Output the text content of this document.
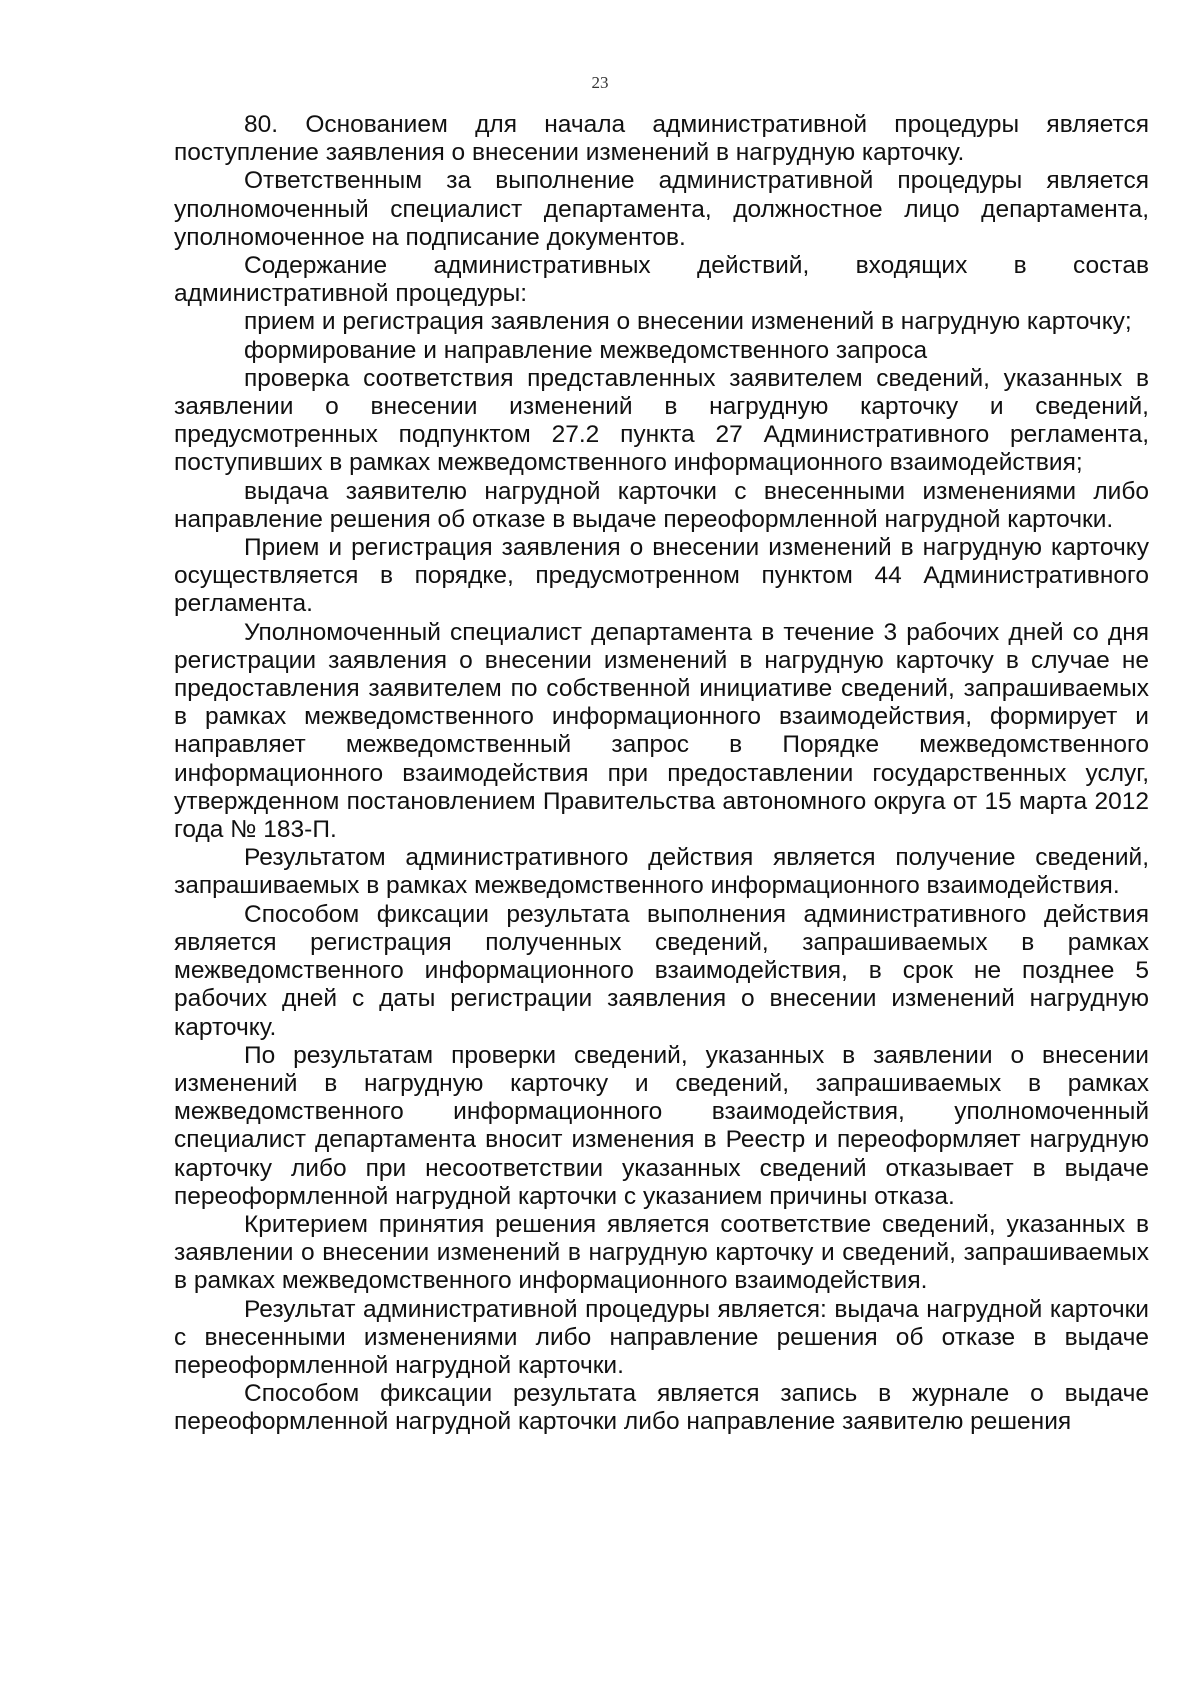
23

80. Основанием для начала административной процедуры является поступление заявления о внесении изменений в нагрудную карточку.

Ответственным за выполнение административной процедуры является уполномоченный специалист департамента, должностное лицо департамента, уполномоченное на подписание документов.

Содержание административных действий, входящих в состав административной процедуры:

прием и регистрация заявления о внесении изменений в нагрудную карточку;

формирование и направление межведомственного запроса

проверка соответствия представленных заявителем сведений, указанных в заявлении о внесении изменений в нагрудную карточку и сведений, предусмотренных подпунктом 27.2 пункта 27 Административного регламента, поступивших в рамках межведомственного информационного взаимодействия;

выдача заявителю нагрудной карточки с внесенными изменениями либо направление решения об отказе в выдаче переоформленной нагрудной карточки.

Прием и регистрация заявления о внесении изменений в нагрудную карточку осуществляется в порядке, предусмотренном пунктом 44 Административного регламента.

Уполномоченный специалист департамента в течение 3 рабочих дней со дня регистрации заявления о внесении изменений в нагрудную карточку в случае не предоставления заявителем по собственной инициативе сведений, запрашиваемых в рамках межведомственного информационного взаимодействия, формирует и направляет межведомственный запрос в Порядке межведомственного информационного взаимодействия при предоставлении государственных услуг, утвержденном постановлением Правительства автономного округа от 15 марта 2012 года № 183-П.

Результатом административного действия является получение сведений, запрашиваемых в рамках межведомственного информационного взаимодействия.

Способом фиксации результата выполнения административного действия является регистрация полученных сведений, запрашиваемых в рамках межведомственного информационного взаимодействия, в срок не позднее 5 рабочих дней с даты регистрации заявления о внесении изменений нагрудную карточку.

По результатам проверки сведений, указанных в заявлении о внесении изменений в нагрудную карточку и сведений, запрашиваемых в рамках межведомственного информационного взаимодействия, уполномоченный специалист департамента вносит изменения в Реестр и переоформляет нагрудную карточку либо при несоответствии указанных сведений отказывает в выдаче переоформленной нагрудной карточки с указанием причины отказа.

Критерием принятия решения является соответствие сведений, указанных в заявлении о внесении изменений в нагрудную карточку и сведений, запрашиваемых в рамках межведомственного информационного взаимодействия.

Результат административной процедуры является: выдача нагрудной карточки с внесенными изменениями либо направление решения об отказе в выдаче переоформленной нагрудной карточки.

Способом фиксации результата является запись в журнале о выдаче переоформленной нагрудной карточки либо направление заявителю решения
